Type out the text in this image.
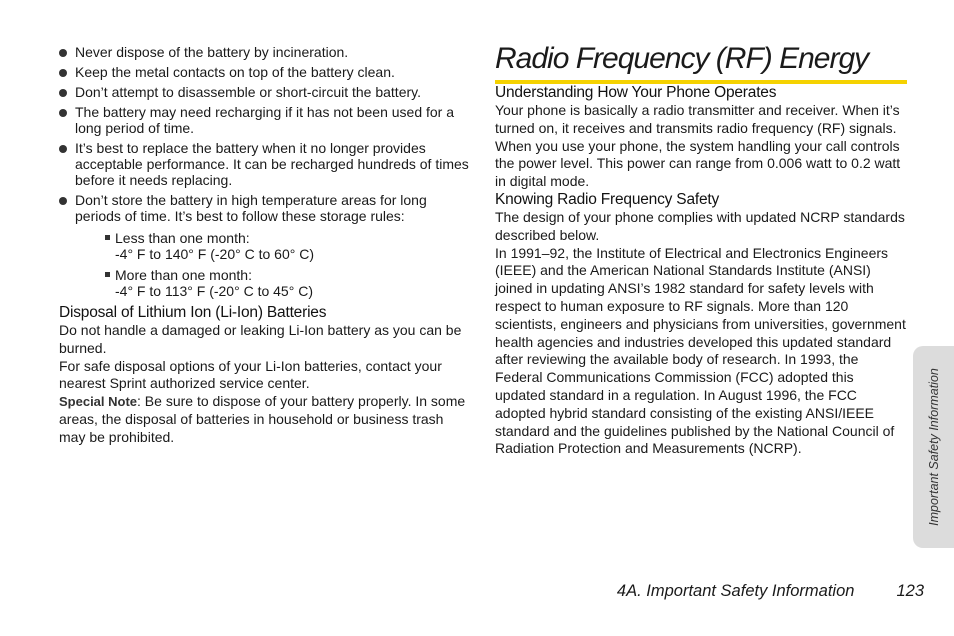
Never dispose of the battery by incineration.
Keep the metal contacts on top of the battery clean.
Don’t attempt to disassemble or short-circuit the battery.
The battery may need recharging if it has not been used for a long period of time.
It’s best to replace the battery when it no longer provides acceptable performance. It can be recharged hundreds of times before it needs replacing.
Don’t store the battery in high temperature areas for long periods of time. It’s best to follow these storage rules:
Less than one month:
-4° F to 140° F (-20° C to 60° C)
More than one month:
-4° F to 113° F (-20° C to 45° C)
Disposal of Lithium Ion (Li-Ion) Batteries

Do not handle a damaged or leaking Li-Ion battery as you can be burned.

For safe disposal options of your Li-Ion batteries, contact your nearest Sprint authorized service center.

Special Note: Be sure to dispose of your battery properly. In some areas, the disposal of batteries in household or business trash may be prohibited.

Radio Frequency (RF) Energy
Understanding How Your Phone Operates

Your phone is basically a radio transmitter and receiver. When it’s turned on, it receives and transmits radio frequency (RF) signals. When you use your phone, the system handling your call controls the power level. This power can range from 0.006 watt to 0.2 watt in digital mode.

Knowing Radio Frequency Safety

The design of your phone complies with updated NCRP standards described below.

In 1991–92, the Institute of Electrical and Electronics Engineers (IEEE) and the American National Standards Institute (ANSI) joined in updating ANSI’s 1982 standard for safety levels with respect to human exposure to RF signals. More than 120 scientists, engineers and physicians from universities, government health agencies and industries developed this updated standard after reviewing the available body of research. In 1993, the Federal Communications Commission (FCC) adopted this updated standard in a regulation. In August 1996, the FCC adopted hybrid standard consisting of the existing ANSI/IEEE standard and the guidelines published by the National Council of Radiation Protection and Measurements (NCRP).	Important Safety Information
4A. Important Safety Information	123
